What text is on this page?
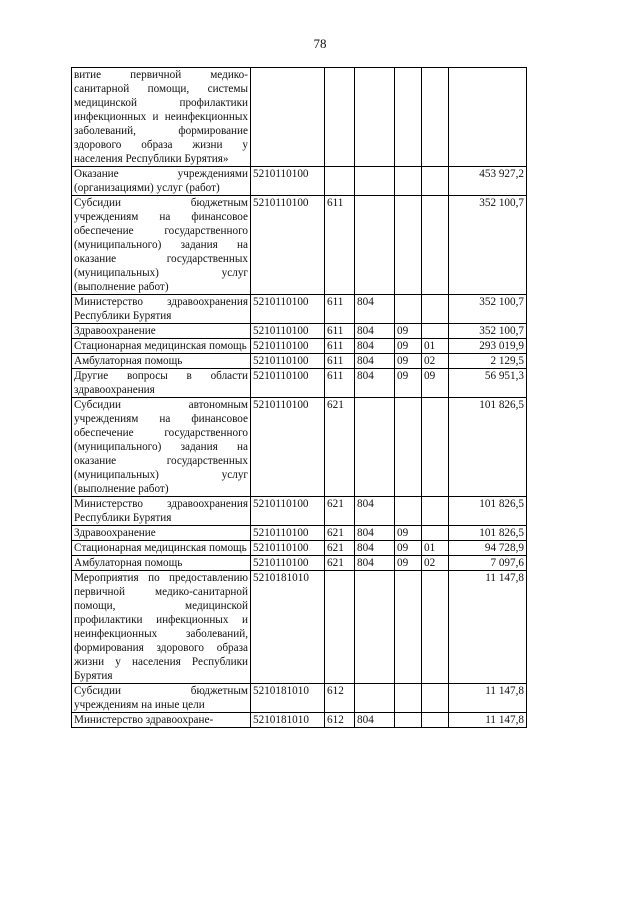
78
витие первичной медико-санитарной помощи, системы медицинской профилактики инфекционных и неинфекционных заболеваний, формирование здорового образа жизни у населения Республики Бурятия»						
Оказание учреждениями (организациями) услуг (работ)	5210110100					453 927,2
Субсидии бюджетным учреждениям на финансовое обеспечение государственного (муниципального) задания на оказание государственных (муниципальных) услуг (выполнение работ)	5210110100	611				352 100,7
Министерство здравоохранения Республики Бурятия	5210110100	611	804			352 100,7
Здравоохранение	5210110100	611	804	09		352 100,7
Стационарная медицинская помощь	5210110100	611	804	09	01	293 019,9
Амбулаторная помощь	5210110100	611	804	09	02	2 129,5
Другие вопросы в области здравоохранения	5210110100	611	804	09	09	56 951,3
Субсидии автономным учреждениям на финансовое обеспечение государственного (муниципального) задания на оказание государственных (муниципальных) услуг (выполнение работ)	5210110100	621				101 826,5
Министерство здравоохранения Республики Бурятия	5210110100	621	804			101 826,5
Здравоохранение	5210110100	621	804	09		101 826,5
Стационарная медицинская помощь	5210110100	621	804	09	01	94 728,9
Амбулаторная помощь	5210110100	621	804	09	02	7 097,6
Мероприятия по предоставлению первичной медико-санитарной помощи, медицинской профилактики инфекционных и неинфекционных заболеваний, формирования здорового образа жизни у населения Республики Бурятия	5210181010					11 147,8
Субсидии бюджетным учреждениям на иные цели	5210181010	612				11 147,8
Министерство здравоохране-	5210181010	612	804			11 147,8
